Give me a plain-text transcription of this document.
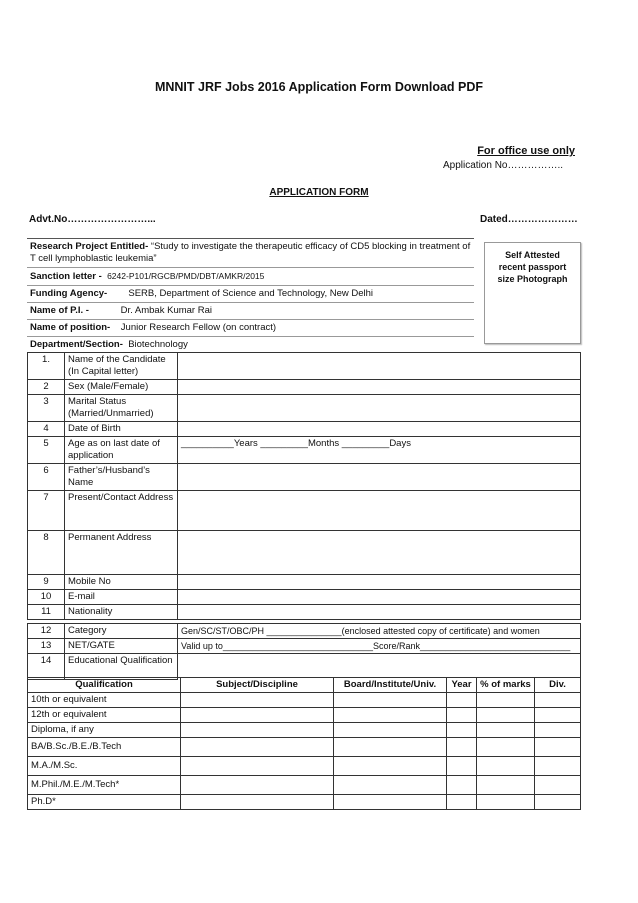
MNNIT JRF Jobs 2016 Application Form Download PDF
For office use only
Application No……………..
APPLICATION FORM
Advt.No……………………...	Dated…………………
Research Project Entitled- “Study to investigate the therapeutic efficacy of CD5 blocking in treatment of T cell lymphoblastic leukemia”
Sanction letter - 6242-P101/RGCB/PMD/DBT/AMKR/2015
Funding Agency- SERB, Department of Science and Technology, New Delhi
Name of P.I. -	Dr. Ambak Kumar Rai
Name of position- Junior Research Fellow (on contract)
Department/Section- Biotechnology
Self Attested
recent passport
size Photograph
1.	Name of the Candidate (In Capital letter)	
2	Sex (Male/Female)	
3	Marital Status (Married/Unmarried)	
4	Date of Birth	
5	Age as on last date of application	__________Years _________Months _________Days
6	Father’s/Husband’s Name	
7	Present/Contact Address	
8	Permanent Address	
9	Mobile No	
10	E-mail	
11	Nationality	
12	Category	Gen/SC/ST/OBC/PH _______________(enclosed attested copy of certificate) and women
13	NET/GATE	Valid up to______________________________Score/Rank______________________________
14	Educational Qualification	
Qualification	Subject/Discipline	Board/Institute/Univ.	Year	% of marks	Div.
10th or equivalent					
12th or equivalent					
Diploma, if any					
BA/B.Sc./B.E./B.Tech					
M.A./M.Sc.					
M.Phil./M.E./M.Tech*					
Ph.D*					
